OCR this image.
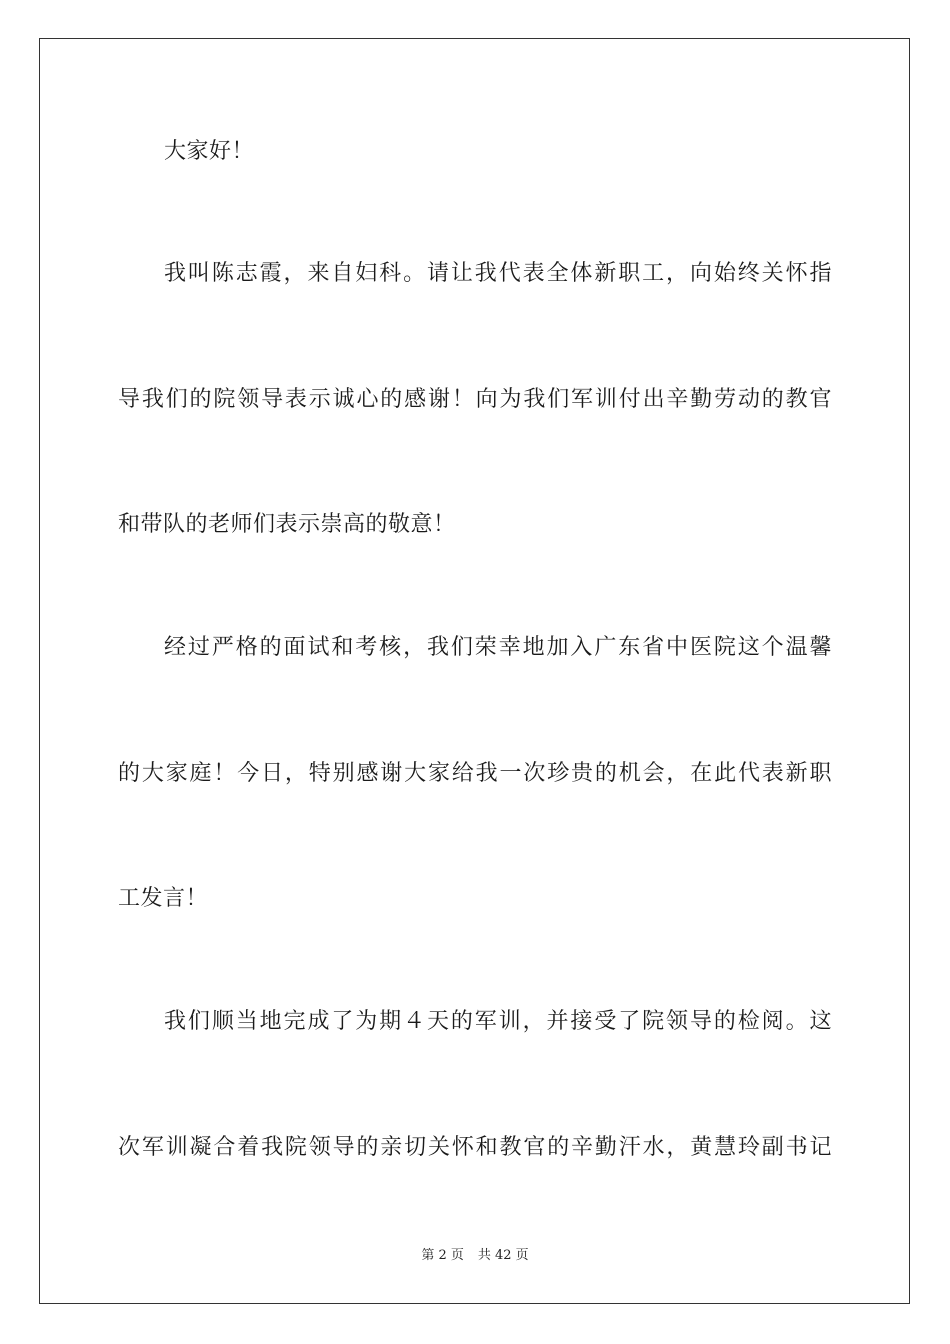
大家好！
我叫陈志霞，来自妇科。请让我代表全体新职工，向始终关怀指
导我们的院领导表示诚心的感谢！向为我们军训付出辛勤劳动的教官
和带队的老师们表示崇高的敬意！
经过严格的面试和考核，我们荣幸地加入广东省中医院这个温馨
的大家庭！今日，特别感谢大家给我一次珍贵的机会，在此代表新职
工发言！
我们顺当地完成了为期４天的军训，并接受了院领导的检阅。这
次军训凝合着我院领导的亲切关怀和教官的辛勤汗水，黄慧玲副书记
第 2 页 共 42 页
